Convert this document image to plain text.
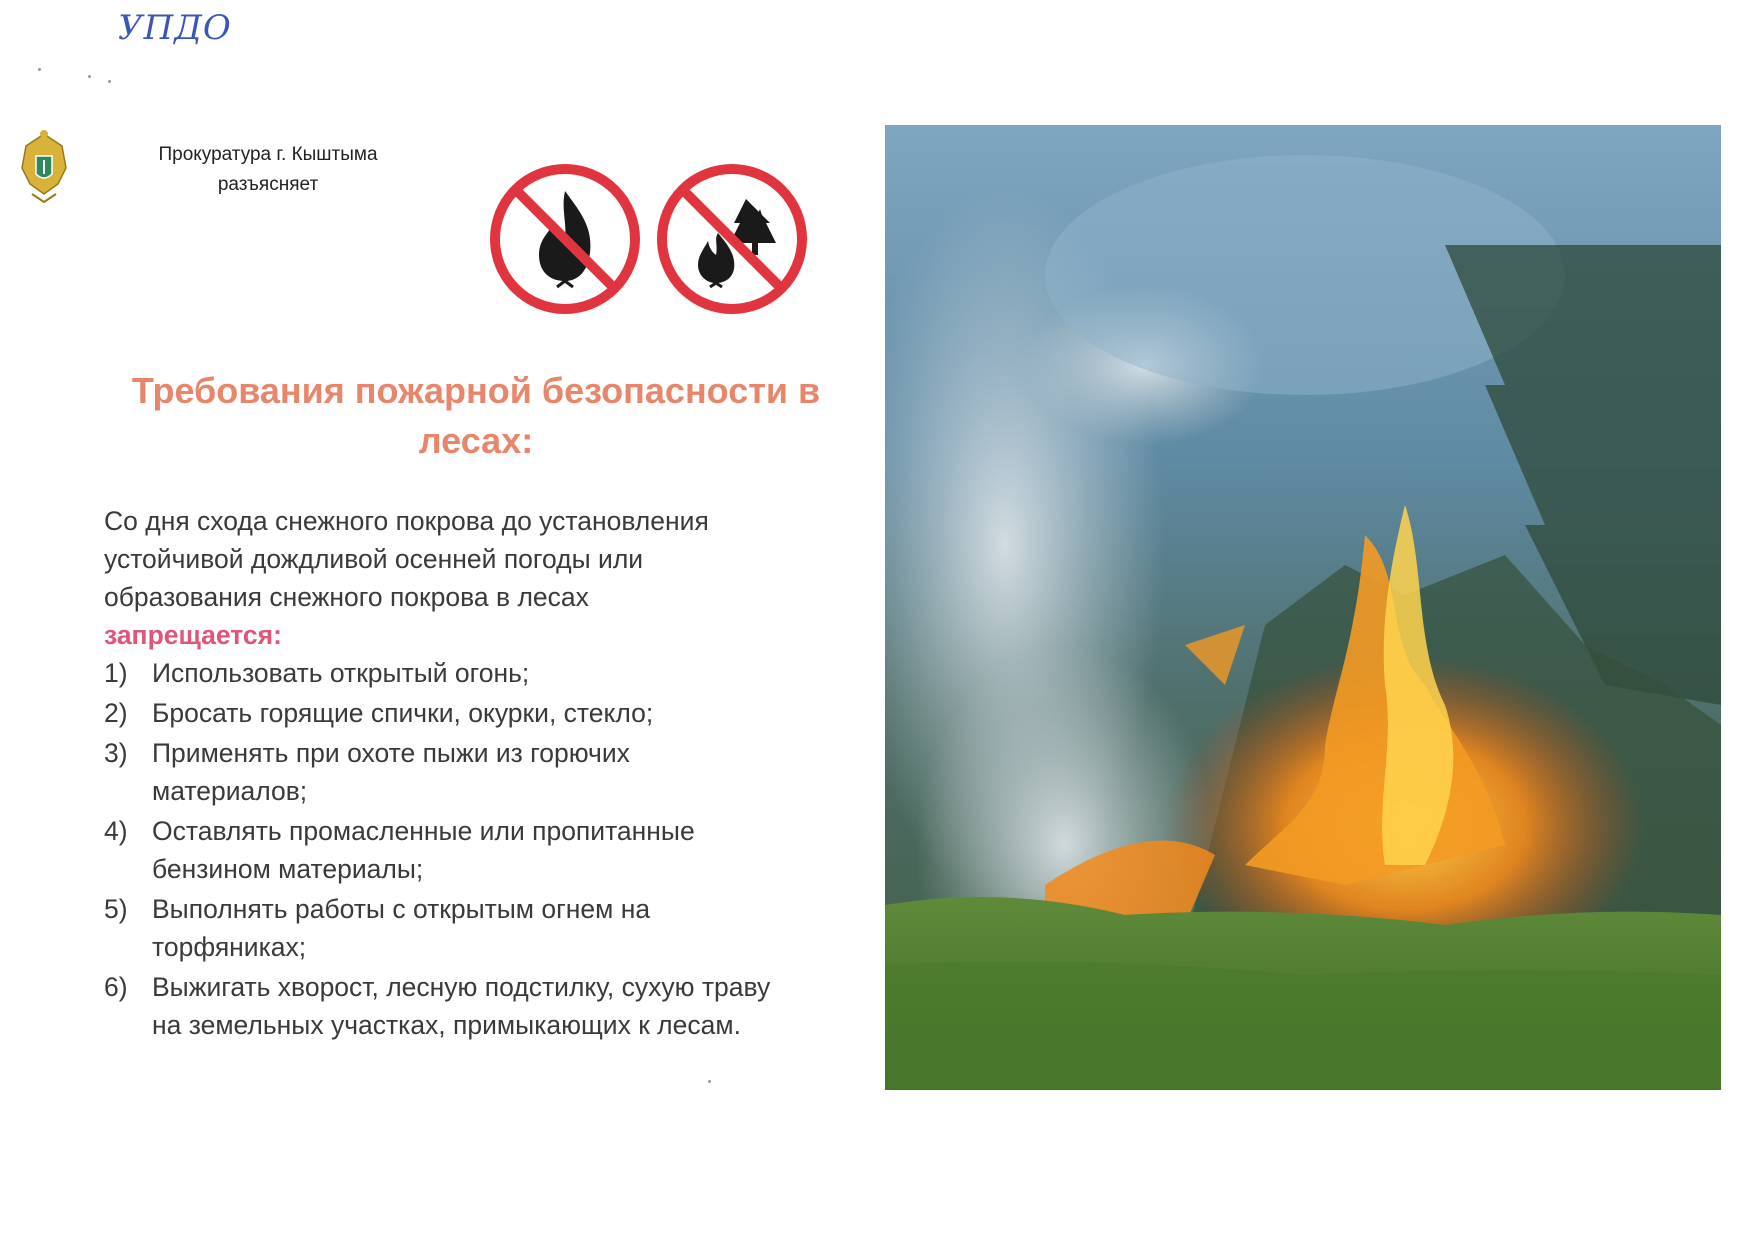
УПДО
Прокуратура г. Кыштыма
разъясняет
Требования пожарной безопасности в
лесах:

Со дня схода снежного покрова до установления
устойчивой дождливой осенней погоды или
образования снежного покрова в лесах

запрещается:

1) Использовать открытый огонь;
2) Бросать горящие спички, окурки, стекло;
3) Применять при охоте пыжи из горючих
материалов;
4) Оставлять промасленные или пропитанные
бензином материалы;
5) Выполнять работы с открытым огнем на
торфяниках;
6) Выжигать хворост, лесную подстилку, сухую траву
на земельных участках, примыкающих к лесам.
